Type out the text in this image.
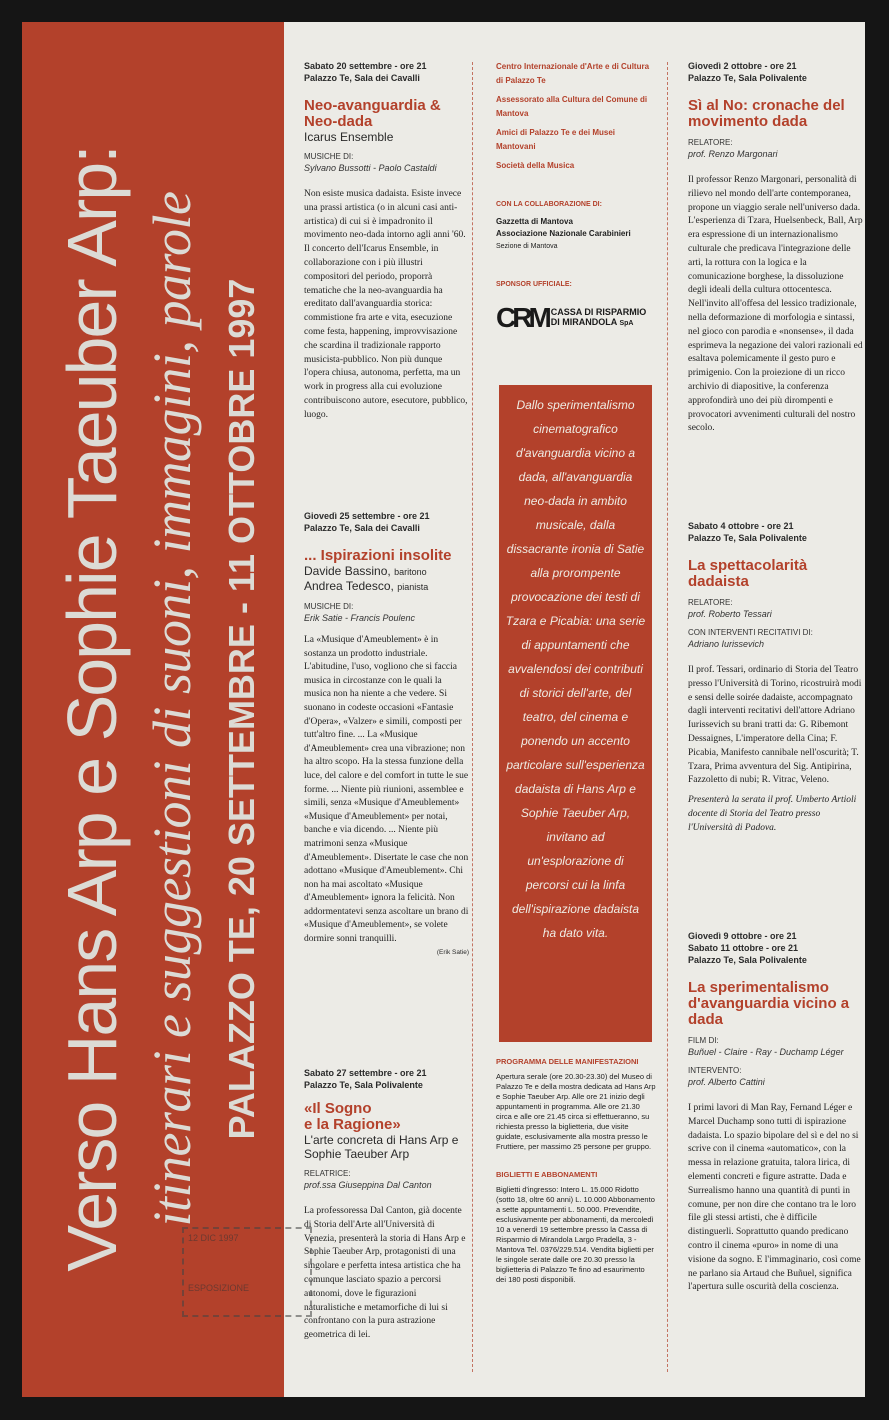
Verso Hans Arp e Sophie Taeuber Arp: itinerari e suggestioni di suoni, immagini, parole PALAZZO TE, 20 SETTEMBRE - 11 OTTOBRE 1997
Sabato 20 settembre - ore 21
Palazzo Te, Sala dei Cavalli
Neo-avanguardia & Neo-dada
Icarus Ensemble
MUSICHE DI:
Sylvano Bussotti - Paolo Castaldi
Non esiste musica dadaista. Esiste invece una prassi artistica (o in alcuni casi anti-artistica) di cui si è impadronito il movimento neo-dada intorno agli anni '60. Il concerto dell'Icarus Ensemble, in collaborazione con i più illustri compositori del periodo, proporrà tematiche che la neo-avanguardia ha ereditato dall'avanguardia storica: commistione fra arte e vita, esecuzione come festa, happening, improvvisazione che scardina il tradizionale rapporto musicista-pubblico. Non più dunque l'opera chiusa, autonoma, perfetta, ma un work in progress alla cui evoluzione contribuiscono autore, esecutore, pubblico, luogo.
Giovedì 25 settembre - ore 21
Palazzo Te, Sala dei Cavalli
... Ispirazioni insolite
Davide Bassino, baritono
Andrea Tedesco, pianista
MUSICHE DI:
Erik Satie - Francis Poulenc
La «Musique d'Ameublement» è in sostanza un prodotto industriale. L'abitudine, l'uso, vogliono che si faccia musica in circostanze con le quali la musica non ha niente a che vedere. Si suonano in codeste occasioni «Fantasie d'Opera», «Valzer» e simili, composti per tutt'altro fine. ... La «Musique d'Ameublement» crea una vibrazione; non ha altro scopo. Ha la stessa funzione della luce, del calore e del comfort in tutte le sue forme. ... Niente più riunioni, assemblee e simili, senza «Musique d'Ameublement» «Musique d'Ameublement» per notai, banche e via dicendo. ... Niente più matrimoni senza «Musique d'Ameublement». Disertate le case che non adottano «Musique d'Ameublement». Chi non ha mai ascoltato «Musique d'Ameublement» ignora la felicità. Non addormentatevi senza ascoltare un brano di «Musique d'Ameublement», se volete dormire sonni tranquilli.
(Erik Satie)
Sabato 27 settembre - ore 21
Palazzo Te, Sala Polivalente
«Il Sogno
e la Ragione»
L'arte concreta di Hans Arp e Sophie Taeuber Arp
RELATRICE:
prof.ssa Giuseppina Dal Canton
La professoressa Dal Canton, già docente di Storia dell'Arte all'Università di Venezia, presenterà la storia di Hans Arp e Sophie Taeuber Arp, protagonisti di una singolare e perfetta intesa artistica che ha comunque lasciato spazio a percorsi autonomi, dove le figurazioni naturalistiche e metamorfiche di lui si confrontano con la pura astrazione geometrica di lei.
Centro Internazionale d'Arte e di Cultura di Palazzo Te
Assessorato alla Cultura del Comune di Mantova
Amici di Palazzo Te e dei Musei Mantovani
Società della Musica
CON LA COLLABORAZIONE DI:
Gazzetta di Mantova
Associazione Nazionale Carabinieri
Sezione di Mantova
SPONSOR UFFICIALE:
CRM CASSA DI RISPARMIO
DI MIRANDOLA SpA
Dallo sperimentalismo cinematografico d'avanguardia vicino a dada, all'avanguardia neo-dada in ambito musicale, dalla dissacrante ironia di Satie alla prorompente provocazione dei testi di Tzara e Picabia: una serie di appuntamenti che avvalendosi dei contributi di storici dell'arte, del teatro, del cinema e ponendo un accento particolare sull'esperienza dadaista di Hans Arp e Sophie Taeuber Arp, invitano ad un'esplorazione di percorsi cui la linfa dell'ispirazione dadaista ha dato vita.
PROGRAMMA DELLE MANIFESTAZIONI
Apertura serale (ore 20.30-23.30) del Museo di Palazzo Te e della mostra dedicata ad Hans Arp e Sophie Taeuber Arp. Alle ore 21 inizio degli appuntamenti in programma. Alle ore 21.30 circa e alle ore 21.45 circa si effettueranno, su richiesta presso la biglietteria, due visite guidate, esclusivamente alla mostra presso le Fruttiere, per massimo 25 persone per gruppo.
BIGLIETTI E ABBONAMENTI
Biglietti d'ingresso: Intero L. 15.000 Ridotto (sotto 18, oltre 60 anni) L. 10.000 Abbonamento a sette appuntamenti L. 50.000. Prevendite, esclusivamente per abbonamenti, da mercoledì 10 a venerdì 19 settembre presso la Cassa di Risparmio di Mirandola Largo Pradella, 3 - Mantova Tel. 0376/229.514. Vendita biglietti per le singole serate dalle ore 20.30 presso la biglietteria di Palazzo Te fino ad esaurimento dei 180 posti disponibili.
Giovedì 2 ottobre - ore 21
Palazzo Te, Sala Polivalente
Sì al No: cronache del movimento dada
RELATORE:
prof. Renzo Margonari
Il professor Renzo Margonari, personalità di rilievo nel mondo dell'arte contemporanea, propone un viaggio serale nell'universo dada. L'esperienza di Tzara, Huelsenbeck, Ball, Arp era espressione di un internazionalismo culturale che predicava l'integrazione delle arti, la rottura con la logica e la comunicazione borghese, la dissoluzione degli ideali della cultura ottocentesca. Nell'invito all'offesa del lessico tradizionale, nella deformazione di morfologia e sintassi, nel gioco con parodia e «nonsense», il dada esprimeva la negazione dei valori razionali ed esaltava polemicamente il gesto puro e primigenio. Con la proiezione di un ricco archivio di diapositive, la conferenza approfondirà uno dei più dirompenti e provocatori avvenimenti culturali del nostro secolo.
Sabato 4 ottobre - ore 21
Palazzo Te, Sala Polivalente
La spettacolarità dadaista
RELATORE:
prof. Roberto Tessari
CON INTERVENTI RECITATIVI DI:
Adriano Iurissevich
Il prof. Tessari, ordinario di Storia del Teatro presso l'Università di Torino, ricostruirà modi e sensi delle soirée dadaiste, accompagnato dagli interventi recitativi dell'attore Adriano Iurissevich su brani tratti da: G. Ribemont Dessaignes, L'imperatore della Cina; F. Picabia, Manifesto cannibale nell'oscurità; T. Tzara, Prima avventura del Sig. Antipirina, Fazzoletto di nubi; R. Vitrac, Veleno.
Presenterà la serata il prof. Umberto Artioli docente di Storia del Teatro presso l'Università di Padova.
Giovedì 9 ottobre - ore 21
Sabato 11 ottobre - ore 21
Palazzo Te, Sala Polivalente
La sperimentalismo d'avanguardia vicino a dada
FILM DI:
Buñuel - Claire - Ray - Duchamp Léger
INTERVENTO:
prof. Alberto Cattini
I primi lavori di Man Ray, Fernand Léger e Marcel Duchamp sono tutti di ispirazione dadaista. Lo spazio bipolare del sì e del no si scrive con il cinema «automatico», con la messa in relazione gratuita, talora lirica, di elementi concreti e figure astratte. Dada e Surrealismo hanno una quantità di punti in comune, per non dire che contano tra le loro file gli stessi artisti, che è difficile distinguerli. Soprattutto quando predicano contro il cinema «puro» in nome di una visione da sogno. E l'immaginario, così come ne parlano sia Artaud che Buñuel, significa l'apertura sulle oscurità della coscienza.
12 DIC 1997
ESPOSIZIONE
